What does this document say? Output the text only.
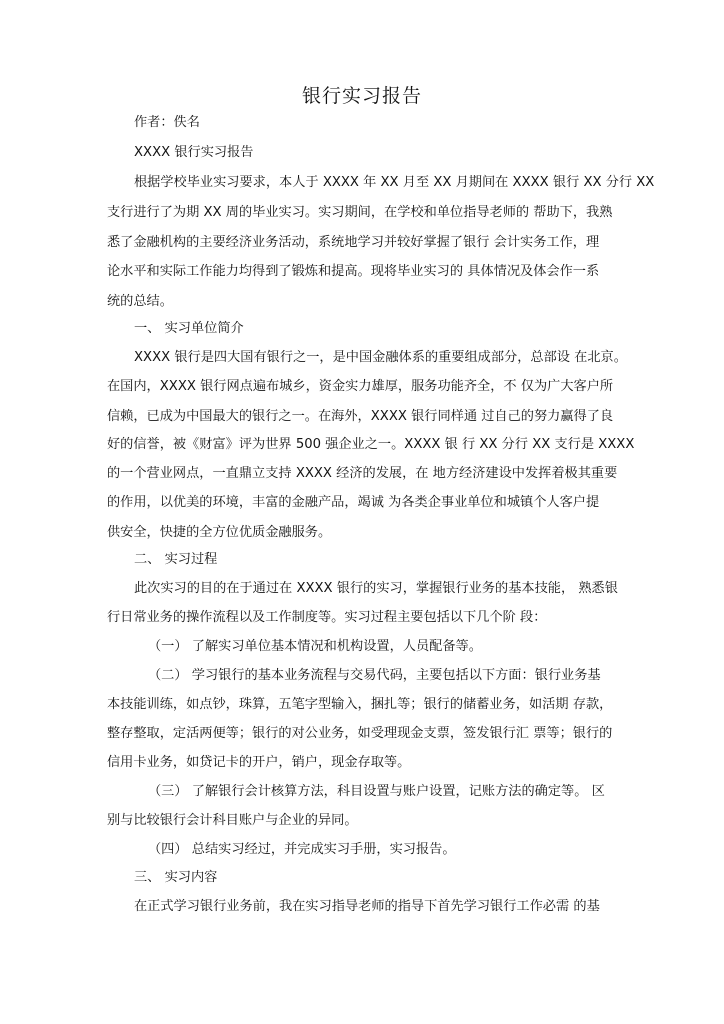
银行实习报告
作者：佚名
XXXX 银行实习报告
根据学校毕业实习要求，本人于 XXXX 年 XX 月至 XX 月期间在 XXXX 银行 XX 分行 XX
支行进行了为期 XX 周的毕业实习。实习期间，在学校和单位指导老师的 帮助下，我熟
悉了金融机构的主要经济业务活动，系统地学习并较好掌握了银行 会计实务工作，理
论水平和实际工作能力均得到了锻炼和提高。现将毕业实习的 具体情况及体会作一系
统的总结。
一、 实习单位简介
XXXX 银行是四大国有银行之一，是中国金融体系的重要组成部分，总部设 在北京。
在国内，XXXX 银行网点遍布城乡，资金实力雄厚，服务功能齐全，不 仅为广大客户所
信赖，已成为中国最大的银行之一。在海外，XXXX 银行同样通 过自己的努力赢得了良
好的信誉，被《财富》评为世界 500 强企业之一。XXXX 银 行 XX 分行 XX 支行是 XXXX
的一个营业网点，一直鼎立支持 XXXX 经济的发展，在 地方经济建设中发挥着极其重要
的作用，以优美的环境，丰富的金融产品，竭诚 为各类企事业单位和城镇个人客户提
供安全，快捷的全方位优质金融服务。
二、 实习过程
此次实习的目的在于通过在 XXXX 银行的实习，掌握银行业务的基本技能， 熟悉银
行日常业务的操作流程以及工作制度等。实习过程主要包括以下几个阶 段：
（一） 了解实习单位基本情况和机构设置，人员配备等。
（二） 学习银行的基本业务流程与交易代码，主要包括以下方面：银行业务基
本技能训练，如点钞，珠算，五笔字型输入，捆扎等；银行的储蓄业务，如活期 存款，
整存整取，定活两便等；银行的对公业务，如受理现金支票，签发银行汇 票等；银行的
信用卡业务，如贷记卡的开户，销户，现金存取等。
（三） 了解银行会计核算方法，科目设置与账户设置，记账方法的确定等。 区
别与比较银行会计科目账户与企业的异同。
（四） 总结实习经过，并完成实习手册，实习报告。
三、 实习内容
在正式学习银行业务前，我在实习指导老师的指导下首先学习银行工作必需 的基
